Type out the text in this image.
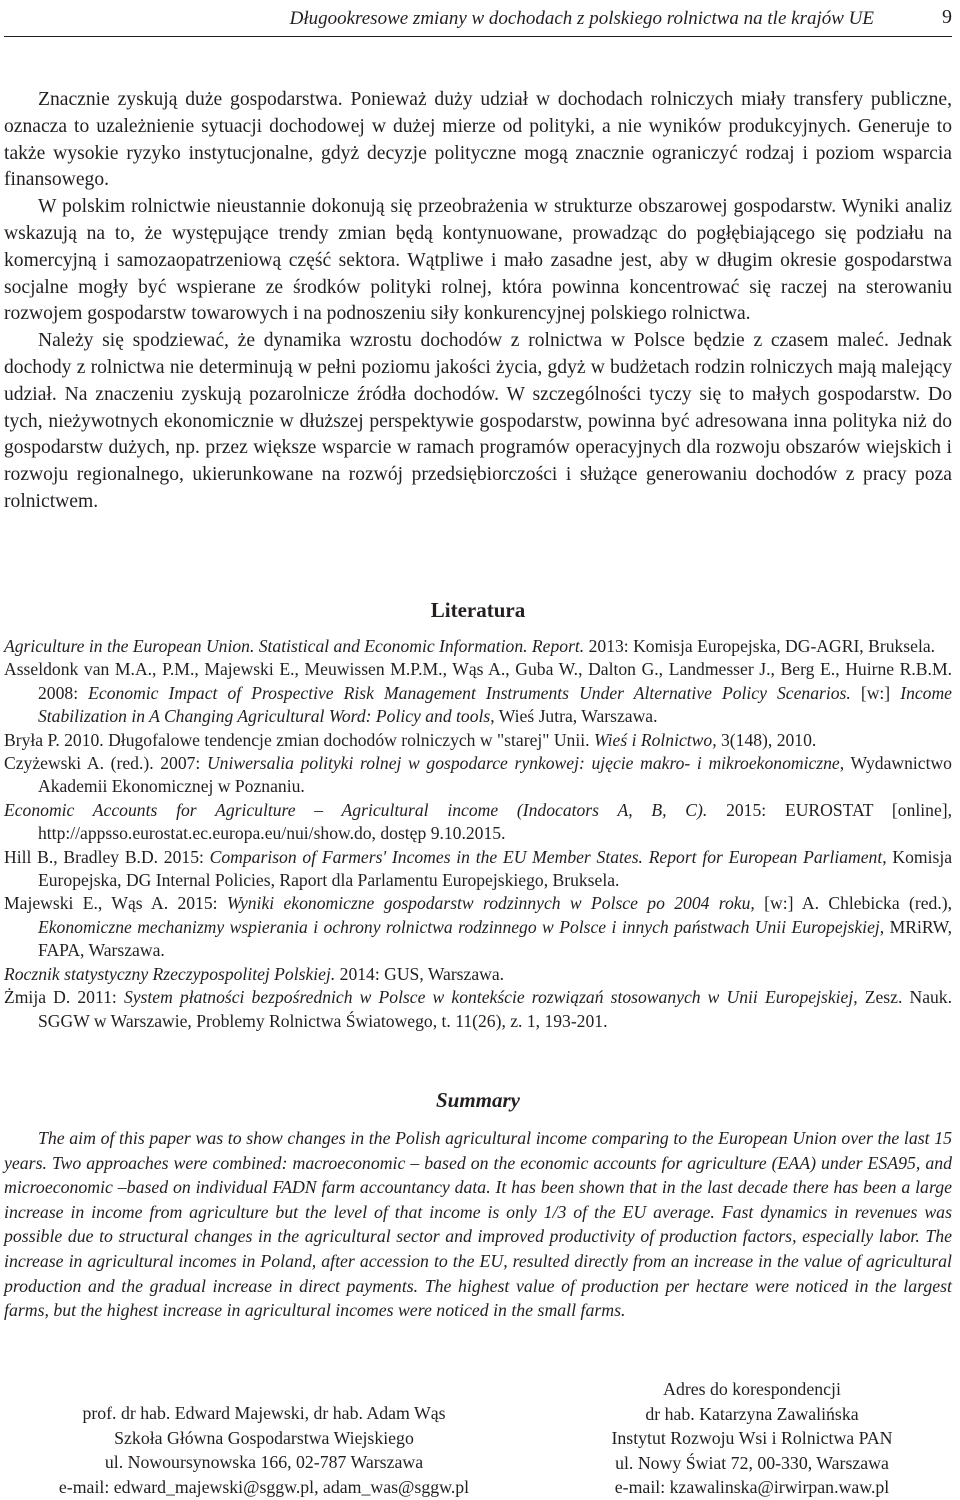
Długookresowe zmiany w dochodach z polskiego rolnictwa na tle krajów UE	9

Znacznie zyskują duże gospodarstwa. Ponieważ duży udział w dochodach rolniczych miały transfery publiczne, oznacza to uzależnienie sytuacji dochodowej w dużej mierze od polityki, a nie wyników produkcyjnych. Generuje to także wysokie ryzyko instytucjonalne, gdyż decyzje polityczne mogą znacznie ograniczyć rodzaj i poziom wsparcia finansowego.

W polskim rolnictwie nieustannie dokonują się przeobrażenia w strukturze obszarowej gospodarstw. Wyniki analiz wskazują na to, że występujące trendy zmian będą kontynuowane, prowadząc do pogłębiającego się podziału na komercyjną i samozaopatrzeniową część sektora. Wątpliwe i mało zasadne jest, aby w długim okresie gospodarstwa socjalne mogły być wspierane ze środków polityki rolnej, która powinna koncentrować się raczej na sterowaniu rozwojem gospodarstw towarowych i na podnoszeniu siły konkurencyjnej polskiego rolnictwa.

Należy się spodziewać, że dynamika wzrostu dochodów z rolnictwa w Polsce będzie z czasem maleć. Jednak dochody z rolnictwa nie determinują w pełni poziomu jakości życia, gdyż w budżetach rodzin rolniczych mają malejący udział. Na znaczeniu zyskują pozarolnicze źródła dochodów. W szczególności tyczy się to małych gospodarstw. Do tych, nieżywotnych ekonomicznie w dłuższej perspektywie gospodarstw, powinna być adresowana inna polityka niż do gospodarstw dużych, np. przez większe wsparcie w ramach programów operacyjnych dla rozwoju obszarów wiejskich i rozwoju regionalnego, ukierunkowane na rozwój przedsiębiorczości i służące generowaniu dochodów z pracy poza rolnictwem.

Literatura

Agriculture in the European Union. Statistical and Economic Information. Report. 2013: Komisja Europejska, DG-AGRI, Bruksela.

Asseldonk van M.A., P.M., Majewski E., Meuwissen M.P.M., Wąs A., Guba W., Dalton G., Landmesser J., Berg E., Huirne R.B.M. 2008: Economic Impact of Prospective Risk Management Instruments Under Alternative Policy Scenarios. [w:] Income Stabilization in A Changing Agricultural Word: Policy and tools, Wieś Jutra, Warszawa.

Bryła P. 2010. Długofalowe tendencje zmian dochodów rolniczych w "starej" Unii. Wieś i Rolnictwo, 3(148), 2010.

Czyżewski A. (red.). 2007: Uniwersalia polityki rolnej w gospodarce rynkowej: ujęcie makro- i mikroekonomiczne, Wydawnictwo Akademii Ekonomicznej w Poznaniu.

Economic Accounts for Agriculture – Agricultural income (Indocators A, B, C). 2015: EUROSTAT [online], http://appsso.eurostat.ec.europa.eu/nui/show.do, dostęp 9.10.2015.

Hill B., Bradley B.D. 2015: Comparison of Farmers' Incomes in the EU Member States. Report for European Parliament, Komisja Europejska, DG Internal Policies, Raport dla Parlamentu Europejskiego, Bruksela.

Majewski E., Wąs A. 2015: Wyniki ekonomiczne gospodarstw rodzinnych w Polsce po 2004 roku, [w:] A. Chlebicka (red.), Ekonomiczne mechanizmy wspierania i ochrony rolnictwa rodzinnego w Polsce i innych państwach Unii Europejskiej, MRiRW, FAPA, Warszawa.

Rocznik statystyczny Rzeczypospolitej Polskiej. 2014: GUS, Warszawa.

Żmija D. 2011: System płatności bezpośrednich w Polsce w kontekście rozwiązań stosowanych w Unii Europejskiej, Zesz. Nauk. SGGW w Warszawie, Problemy Rolnictwa Światowego, t. 11(26), z. 1, 193-201.

Summary

The aim of this paper was to show changes in the Polish agricultural income comparing to the European Union over the last 15 years. Two approaches were combined: macroeconomic – based on the economic accounts for agriculture (EAA) under ESA95, and microeconomic –based on individual FADN farm accountancy data. It has been shown that in the last decade there has been a large increase in income from agriculture but the level of that income is only 1/3 of the EU average. Fast dynamics in revenues was possible due to structural changes in the agricultural sector and improved productivity of production factors, especially labor. The increase in agricultural incomes in Poland, after accession to the EU, resulted directly from an increase in the value of agricultural production and the gradual increase in direct payments. The highest value of production per hectare were noticed in the largest farms, but the highest increase in agricultural incomes were noticed in the small farms.

prof. dr hab. Edward Majewski, dr hab. Adam Wąs
Szkoła Główna Gospodarstwa Wiejskiego
ul. Nowoursynowska 166, 02-787 Warszawa
e-mail: edward_majewski@sggw.pl, adam_was@sggw.pl
Adres do korespondencji
dr hab. Katarzyna Zawalińska
Instytut Rozwoju Wsi i Rolnictwa PAN
ul. Nowy Świat 72, 00-330, Warszawa
e-mail: kzawalinska@irwirpan.waw.pl
